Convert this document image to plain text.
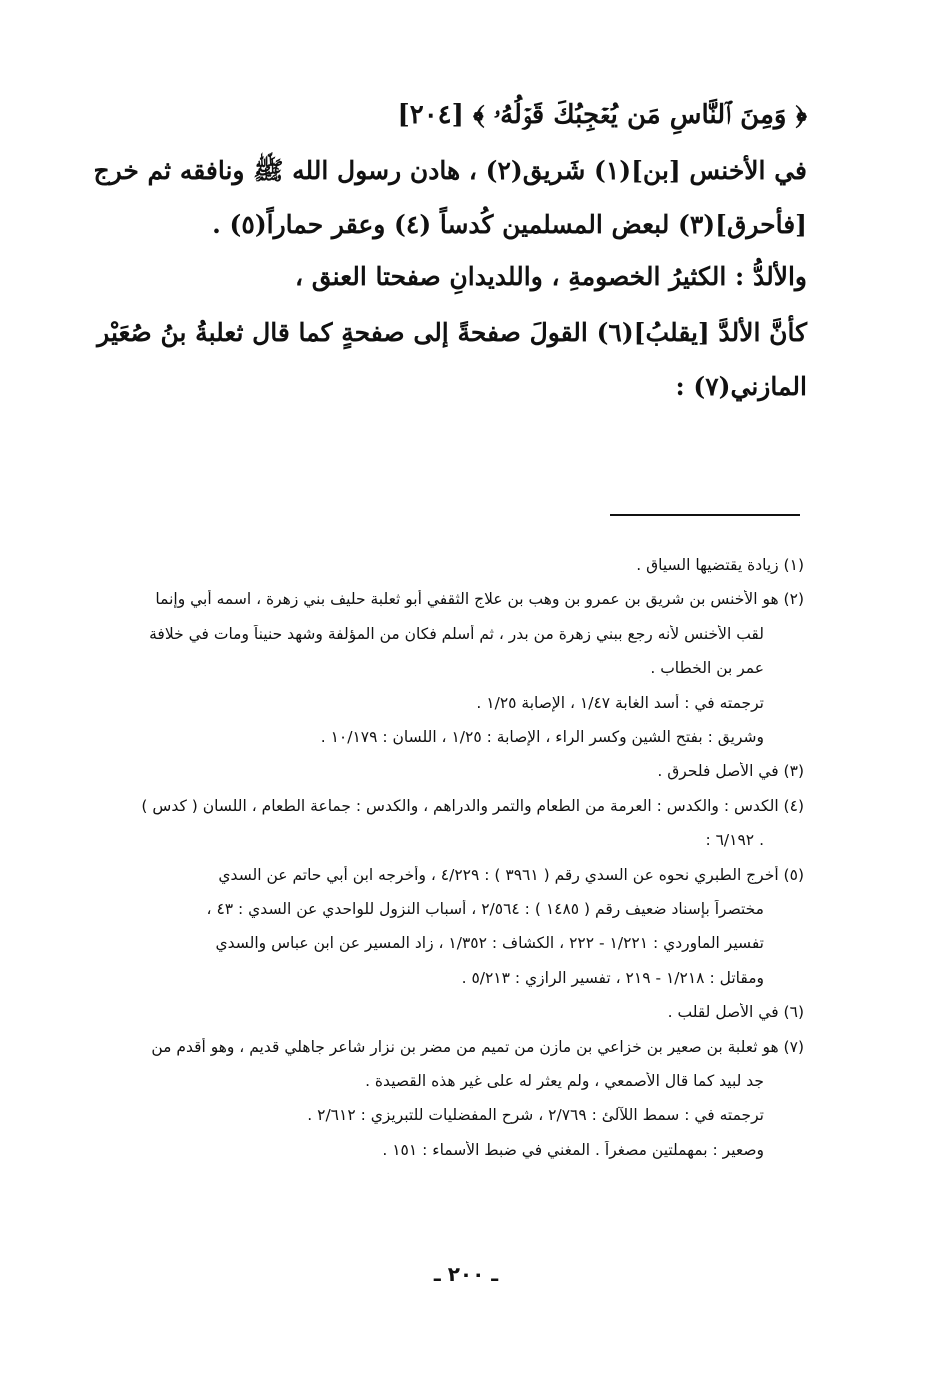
﴿ وَمِنَ ٱلنَّاسِ مَن يُعۡجِبُكَ قَوۡلُهُۥ ﴾ [٢٠٤]
في الأخنس [بن](١) شَريق(٢) ، هادن رسول الله ﷺ ونافقه ثم خرج
[فأحرق](٣) لبعض المسلمين كُدساً (٤) وعقر حماراً(٥) .
والألدُّ : الكثيرُ الخصومةِ ، واللديدانِ صفحتا العنق ،
كأنَّ الألدَّ [يقلبُ](٦) القولَ صفحةً إلى صفحةٍ كما قال ثعلبةُ بنُ صُعَيْر
المازني(٧) :
(١) زيادة يقتضيها السياق .
(٢) هو الأخنس بن شريق بن عمرو بن وهب بن علاج الثقفي أبو ثعلبة حليف بني زهرة ، اسمه أبي وإنما
لقب الأخنس لأنه رجع ببني زهرة من بدر ، ثم أسلم فكان من المؤلفة وشهد حنيناً ومات في خلافة
عمر بن الخطاب .
ترجمته في : أسد الغابة ١/٤٧ ، الإصابة ١/٢٥ .
وشريق : بفتح الشين وكسر الراء ، الإصابة : ١/٢٥ ، اللسان : ١٠/١٧٩ .
(٣) في الأصل فلحرق .
(٤) الكدس : والكدس : العرمة من الطعام والتمر والدراهم ، والكدس : جماعة الطعام ، اللسان ( كدس )
: ٦/١٩٢ .
(٥) أخرج الطبري نحوه عن السدي رقم ( ٣٩٦١ ) : ٤/٢٢٩ ، وأخرجه ابن أبي حاتم عن السدي
مختصراً بإسناد ضعيف رقم ( ١٤٨٥ ) : ٢/٥٦٤ ، أسباب النزول للواحدي عن السدي : ٤٣ ،
تفسير الماوردي : ١/٢٢١ - ٢٢٢ ، الكشاف : ١/٣٥٢ ، زاد المسير عن ابن عباس والسدي
ومقاتل : ١/٢١٨ - ٢١٩ ، تفسير الرازي : ٥/٢١٣ .
(٦) في الأصل لقلب .
(٧) هو ثعلبة بن صعير بن خزاعي بن مازن من تميم من مضر بن نزار شاعر جاهلي قديم ، وهو أقدم من
جد لبيد كما قال الأصمعي ، ولم يعثر له على غير هذه القصيدة .
ترجمته في : سمط اللآلئ : ٢/٧٦٩ ، شرح المفضليات للتبريزي : ٢/٦١٢ .
وصعير : بمهملتين مصغراً . المغني في ضبط الأسماء : ١٥١ .
ـ ٢٠٠ ـ
